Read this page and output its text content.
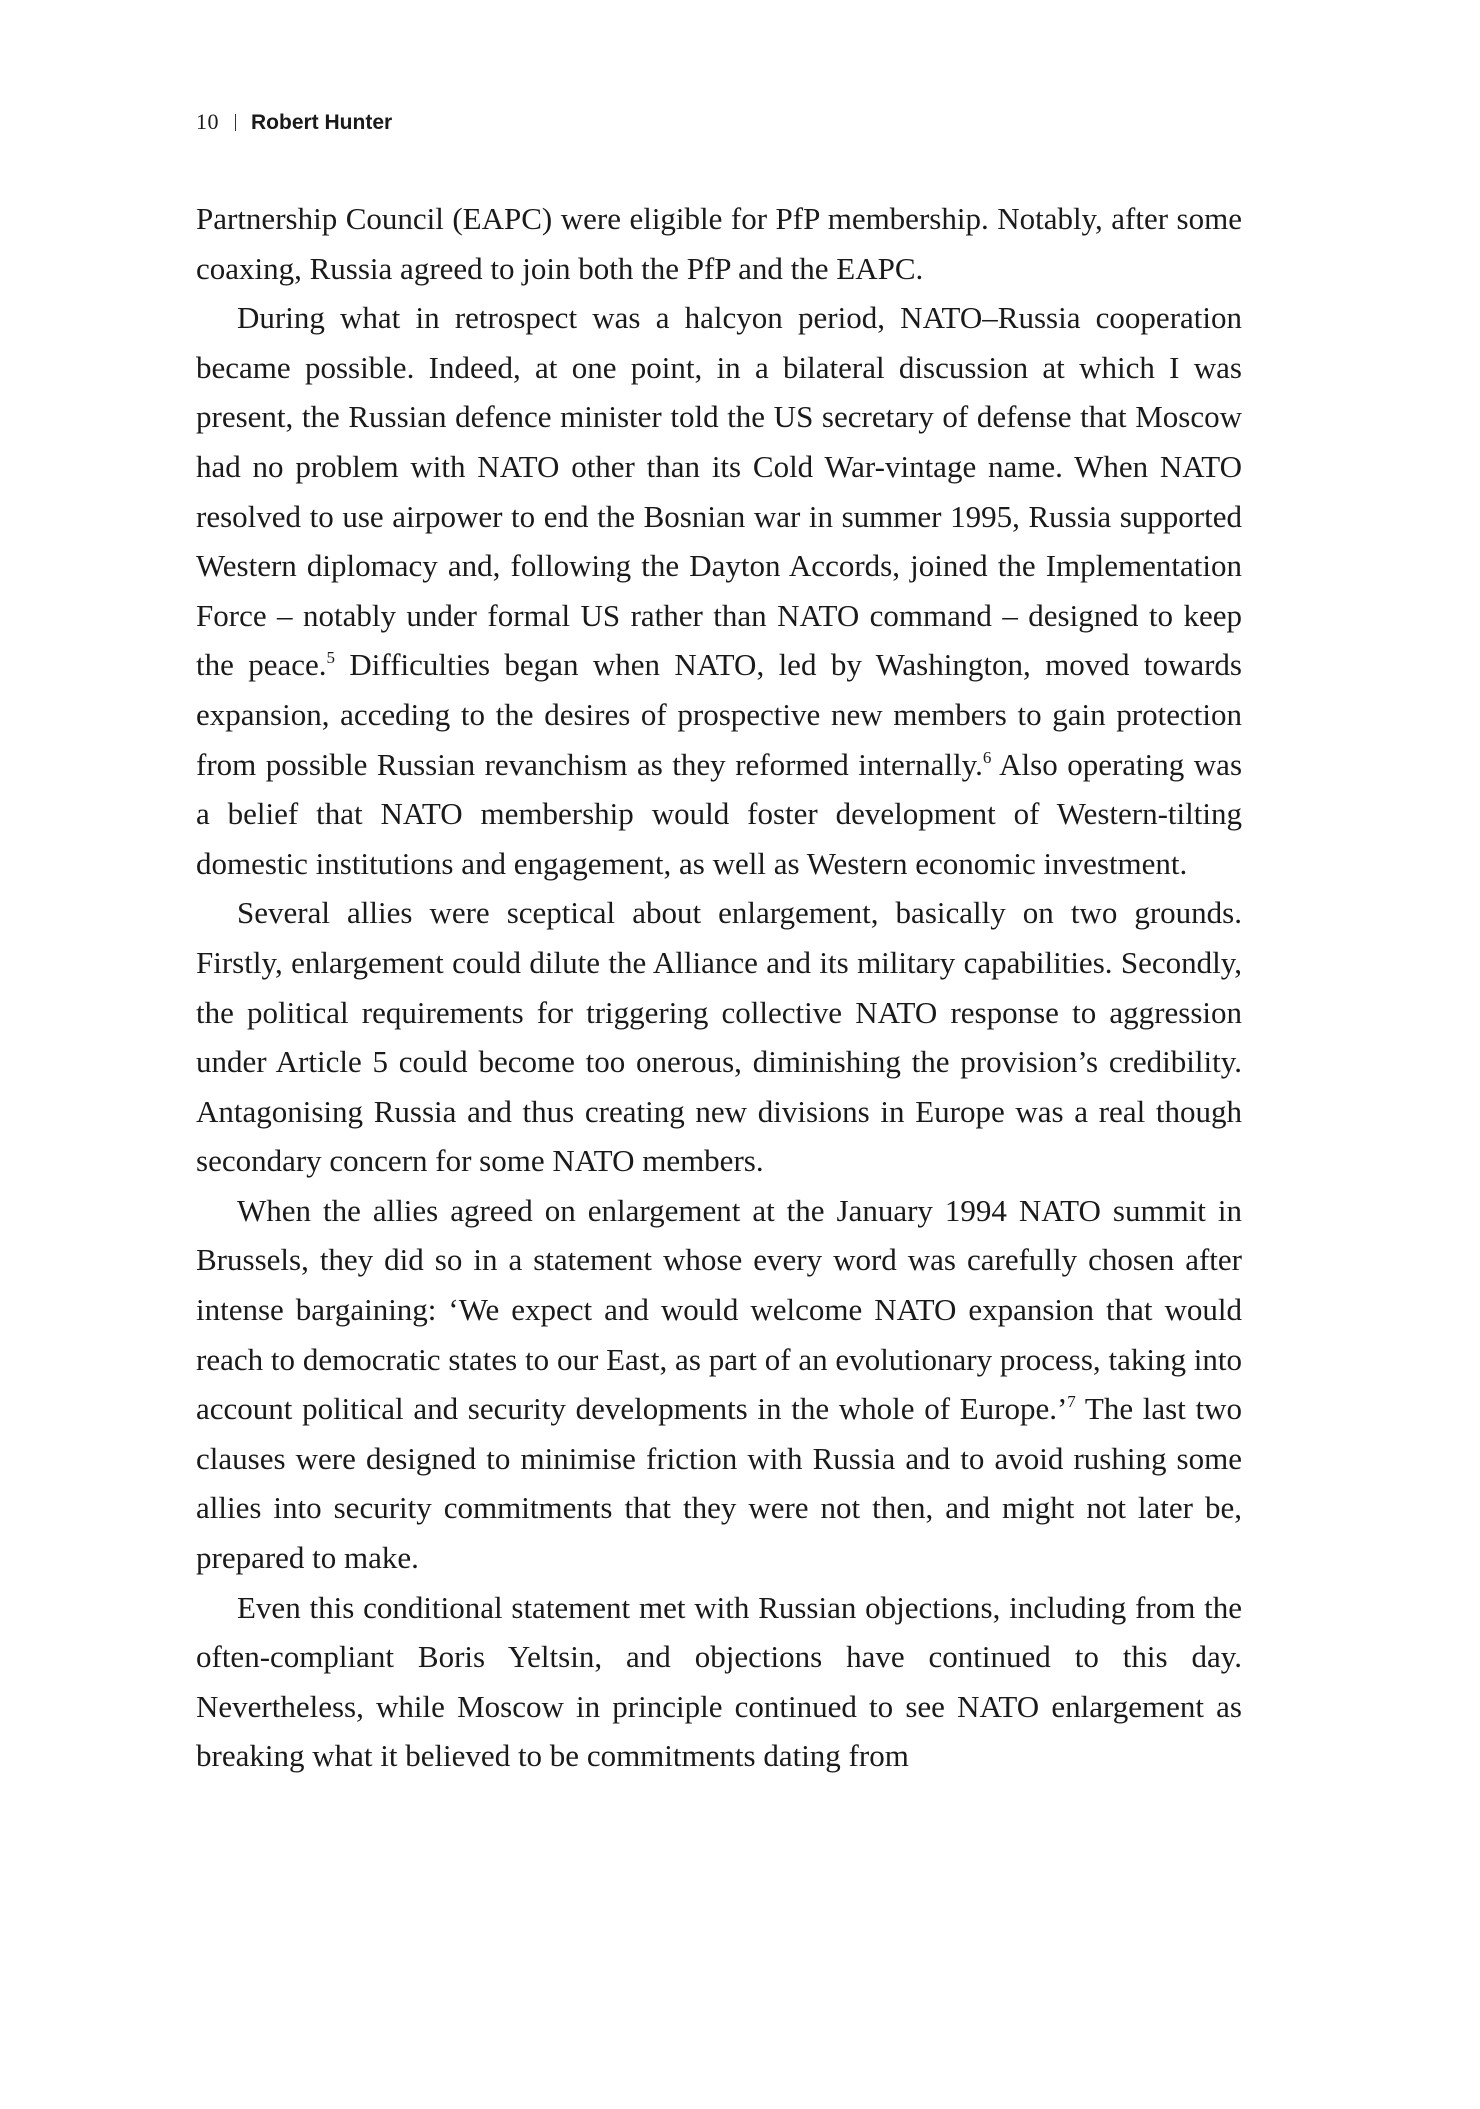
10 Robert Hunter

Partnership Council (EAPC) were eligible for PfP membership. Notably, after some coaxing, Russia agreed to join both the PfP and the EAPC.

During what in retrospect was a halcyon period, NATO–Russia cooperation became possible. Indeed, at one point, in a bilateral discussion at which I was present, the Russian defence minister told the US secretary of defense that Moscow had no problem with NATO other than its Cold War-vintage name. When NATO resolved to use airpower to end the Bosnian war in summer 1995, Russia supported Western diplomacy and, following the Dayton Accords, joined the Implementation Force – notably under formal US rather than NATO command – designed to keep the peace.$^5$ Difficulties began when NATO, led by Washington, moved towards expansion, acceding to the desires of prospective new members to gain protection from possible Russian revanchism as they reformed internally.$^6$ Also operating was a belief that NATO membership would foster development of Western-tilting domestic institutions and engagement, as well as Western economic investment.

Several allies were sceptical about enlargement, basically on two grounds. Firstly, enlargement could dilute the Alliance and its military capabilities. Secondly, the political requirements for triggering collective NATO response to aggression under Article 5 could become too onerous, diminishing the provision’s credibility. Antagonising Russia and thus creating new divisions in Europe was a real though secondary concern for some NATO members.

When the allies agreed on enlargement at the January 1994 NATO summit in Brussels, they did so in a statement whose every word was carefully chosen after intense bargaining: ‘We expect and would welcome NATO expansion that would reach to democratic states to our East, as part of an evolutionary process, taking into account political and security developments in the whole of Europe.’$^7$ The last two clauses were designed to minimise friction with Russia and to avoid rushing some allies into security commitments that they were not then, and might not later be, prepared to make.

Even this conditional statement met with Russian objections, including from the often-compliant Boris Yeltsin, and objections have continued to this day. Nevertheless, while Moscow in principle continued to see NATO enlargement as breaking what it believed to be commitments dating from
